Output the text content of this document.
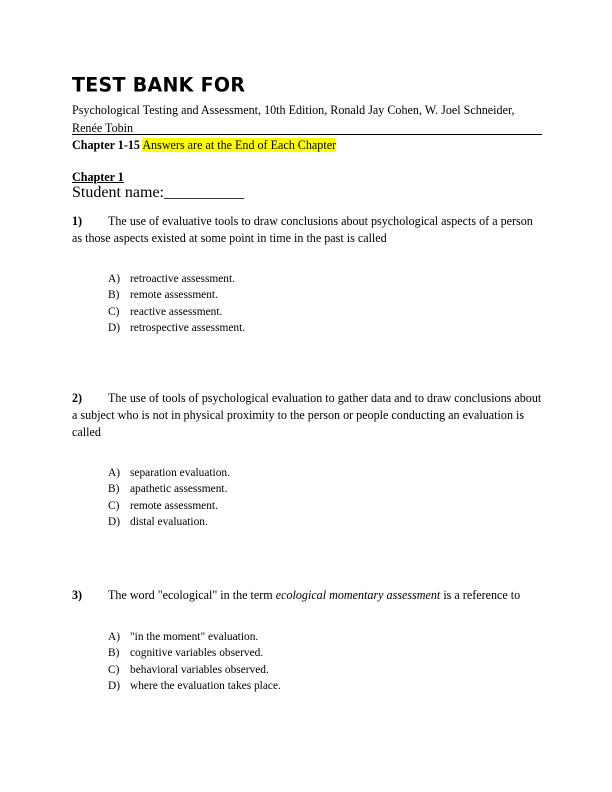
TEST BANK FOR
Psychological Testing and Assessment, 10th Edition, Ronald Jay Cohen, W. Joel Schneider, Renée Tobin
Chapter 1-15 Answers are at the End of Each Chapter
Chapter 1
Student name:__________
1) The use of evaluative tools to draw conclusions about psychological aspects of a person as those aspects existed at some point in time in the past is called
A) retroactive assessment.
B) remote assessment.
C) reactive assessment.
D) retrospective assessment.
2) The use of tools of psychological evaluation to gather data and to draw conclusions about a subject who is not in physical proximity to the person or people conducting an evaluation is called
A) separation evaluation.
B) apathetic assessment.
C) remote assessment.
D) distal evaluation.
3) The word "ecological" in the term ecological momentary assessment is a reference to
A) "in the moment" evaluation.
B) cognitive variables observed.
C) behavioral variables observed.
D) where the evaluation takes place.
